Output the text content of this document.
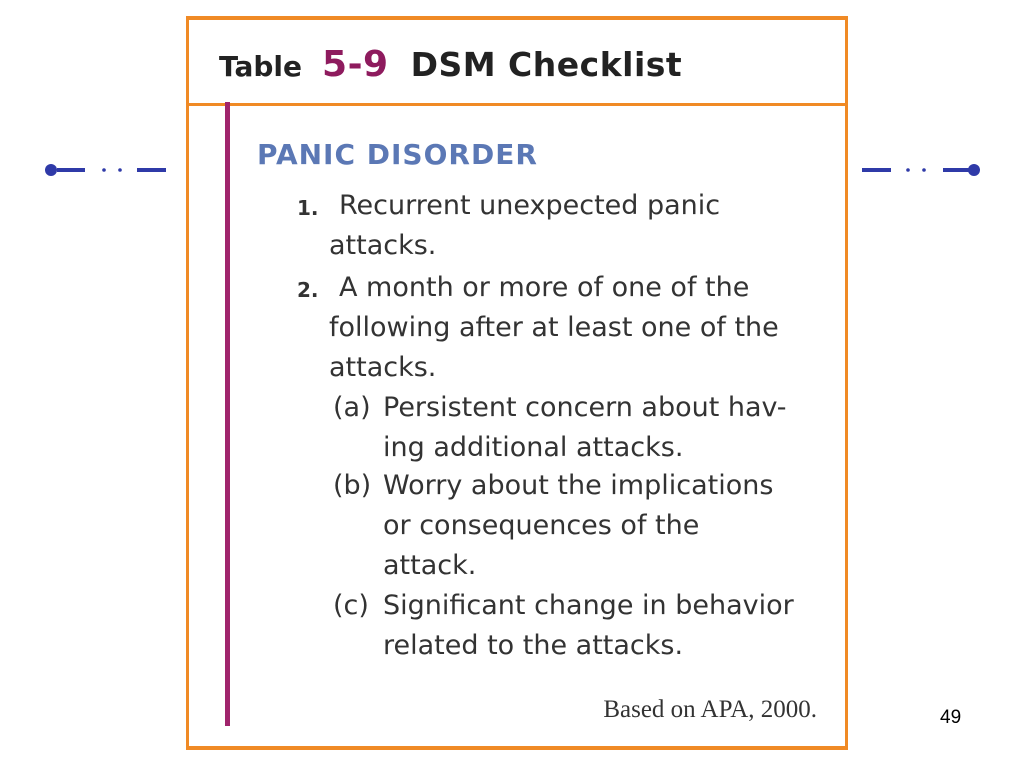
Table 5-9 DSM Checklist
PANIC DISORDER
1. Recurrent unexpected panic
attacks.
2. A month or more of one of the
following after at least one of the
attacks.
(a) Persistent concern about hav-
ing additional attacks.
(b) Worry about the implications
or consequences of the
attack.
(c) Significant change in behavior
related to the attacks.
Based on APA, 2000.	49
